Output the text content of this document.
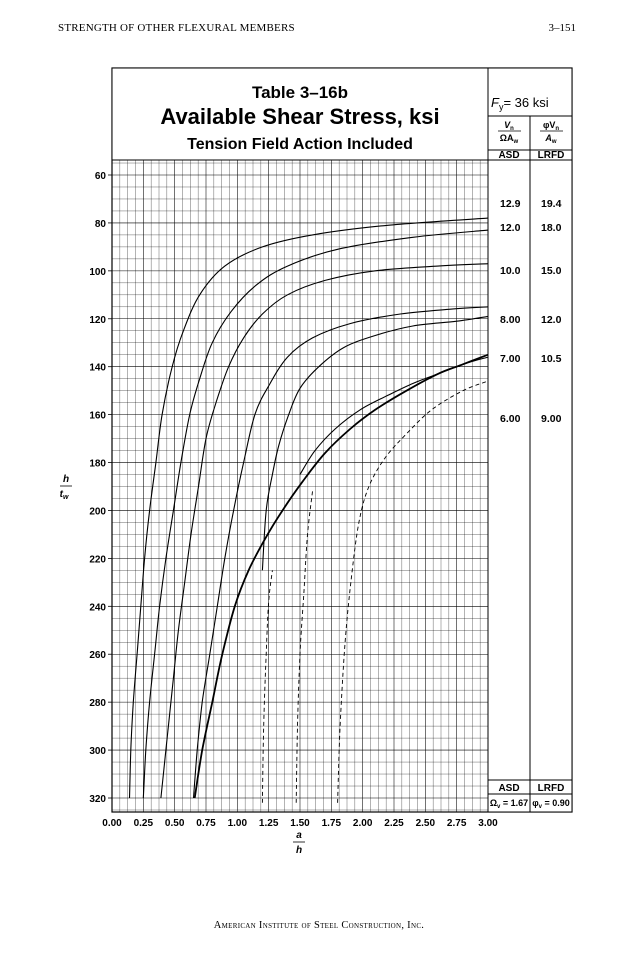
STRENGTH OF OTHER FLEXURAL MEMBERS	3–151
Table 3–16b
Available Shear Stress, ksi
Tension Field Action Included
$F_y= 36$ ksi
$V_n$
$\Omega A_w$
$\varphi V_n$
$A_w$
ASD LRFD
12.9 19.4
12.0 18.0
10.0 15.0
8.00 12.0
7.00 10.5
6.00 9.00
ASD LRFD
$\Omega_v = 1.67$ $\varphi_v = 0.90$
60
80
100
120
140
160
180
200
220
240
260
280
300
320
0.00 0.25 0.50 0.75 1.00 1.25 1.50 1.75 2.00 2.25 2.50 2.75 3.00
a
h
h
$t_w$
American Institute of Steel Construction, Inc.
